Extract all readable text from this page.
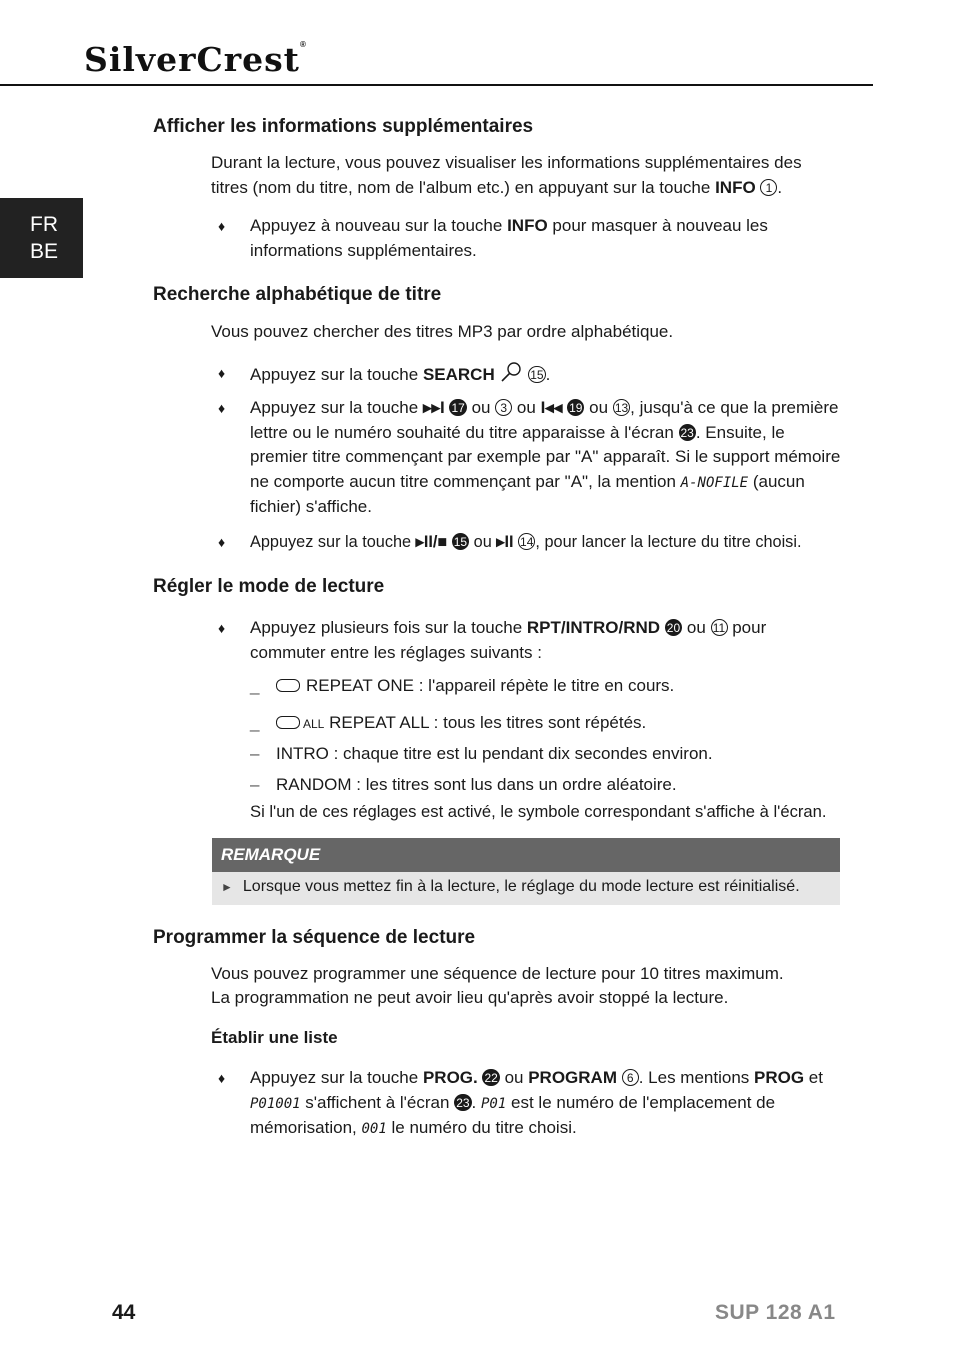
SilverCrest®
FR
BE
Afficher les informations supplémentaires
Durant la lecture, vous pouvez visualiser les informations supplémentaires des titres (nom du titre, nom de l'album etc.) en appuyant sur la touche INFO 1 .
♦ Appuyez à nouveau sur la touche INFO pour masquer à nouveau les informations supplémentaires.
Recherche alphabétique de titre
Vous pouvez chercher des titres MP3 par ordre alphabétique.
♦ Appuyez sur la touche SEARCH	15 .
♦ Appuyez sur la touche ▸▸I 17 ou 3 ou I◂◂ 19 ou 13 , jusqu'à ce que la première lettre ou le numéro souhaité du titre apparaisse à l'écran 23 . Ensuite, le premier titre commençant par exemple par "A" apparaît. Si le support mémoire ne comporte aucun titre commençant par "A", la mention A-NOFILE (aucun fichier) s'affiche.
♦ Appuyez sur la touche ▸II/■ 15 ou ▸II 14 , pour lancer la lecture du titre choisi.
Régler le mode de lecture
♦ Appuyez plusieurs fois sur la touche RPT/INTRO/RND 20 ou 11 pour commuter entre les réglages suivants :
_	REPEAT ONE : l'appareil répète le titre en cours.
_	ALL REPEAT ALL : tous les titres sont répétés.
– INTRO : chaque titre est lu pendant dix secondes environ.
– RANDOM : les titres sont lus dans un ordre aléatoire.
Si l'un de ces réglages est activé, le symbole correspondant s'affiche à l'écran.
REMARQUE
► Lorsque vous mettez fin à la lecture, le réglage du mode lecture est réinitialisé.
Programmer la séquence de lecture
Vous pouvez programmer une séquence de lecture pour 10 titres maximum.
La programmation ne peut avoir lieu qu'après avoir stoppé la lecture.
Établir une liste
♦ Appuyez sur la touche PROG. 22 ou PROGRAM 6 . Les mentions PROG et P01001 s'affichent à l'écran 23 . P01 est le numéro de l'emplacement de mémorisation, 001 le numéro du titre choisi.
44	SUP 128 A1
